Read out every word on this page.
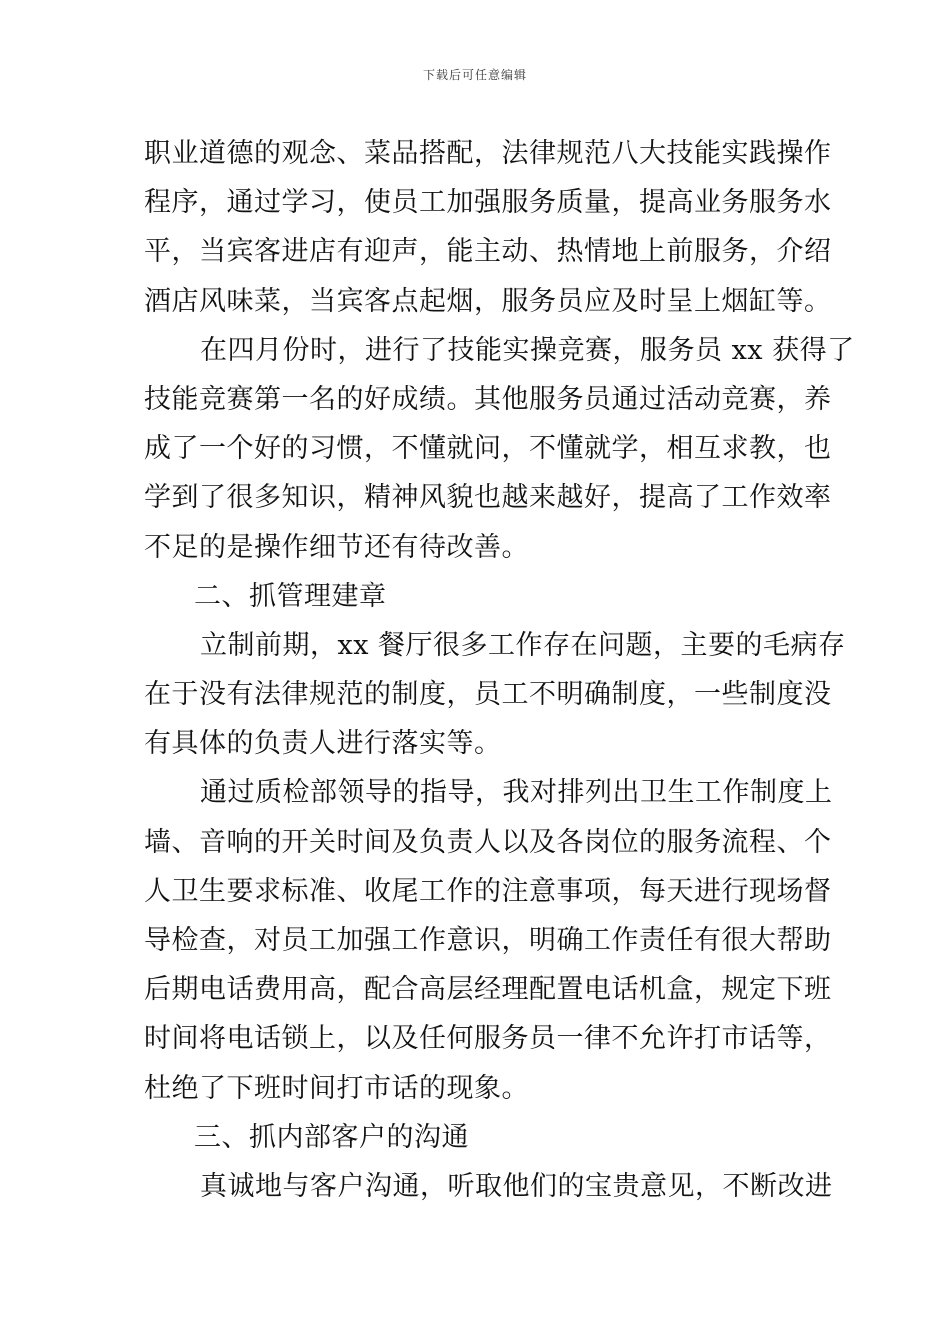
下载后可任意编辑
职业道德的观念、菜品搭配，法律规范八大技能实践操作
程序，通过学习，使员工加强服务质量，提高业务服务水
平，当宾客进店有迎声，能主动、热情地上前服务，介绍
酒店风味菜，当宾客点起烟，服务员应及时呈上烟缸等。
在四月份时，进行了技能实操竞赛，服务员 xx 获得了
技能竞赛第一名的好成绩。其他服务员通过活动竞赛，养
成了一个好的习惯，不懂就问，不懂就学，相互求教，也
学到了很多知识，精神风貌也越来越好，提高了工作效率
不足的是操作细节还有待改善。
二、抓管理建章
立制前期，xx 餐厅很多工作存在问题，主要的毛病存
在于没有法律规范的制度，员工不明确制度，一些制度没
有具体的负责人进行落实等。
通过质检部领导的指导，我对排列出卫生工作制度上
墙、音响的开关时间及负责人以及各岗位的服务流程、个
人卫生要求标准、收尾工作的注意事项，每天进行现场督
导检查，对员工加强工作意识，明确工作责任有很大帮助
后期电话费用高，配合高层经理配置电话机盒，规定下班
时间将电话锁上，以及任何服务员一律不允许打市话等，
杜绝了下班时间打市话的现象。
三、抓内部客户的沟通
真诚地与客户沟通，听取他们的宝贵意见，不断改进
